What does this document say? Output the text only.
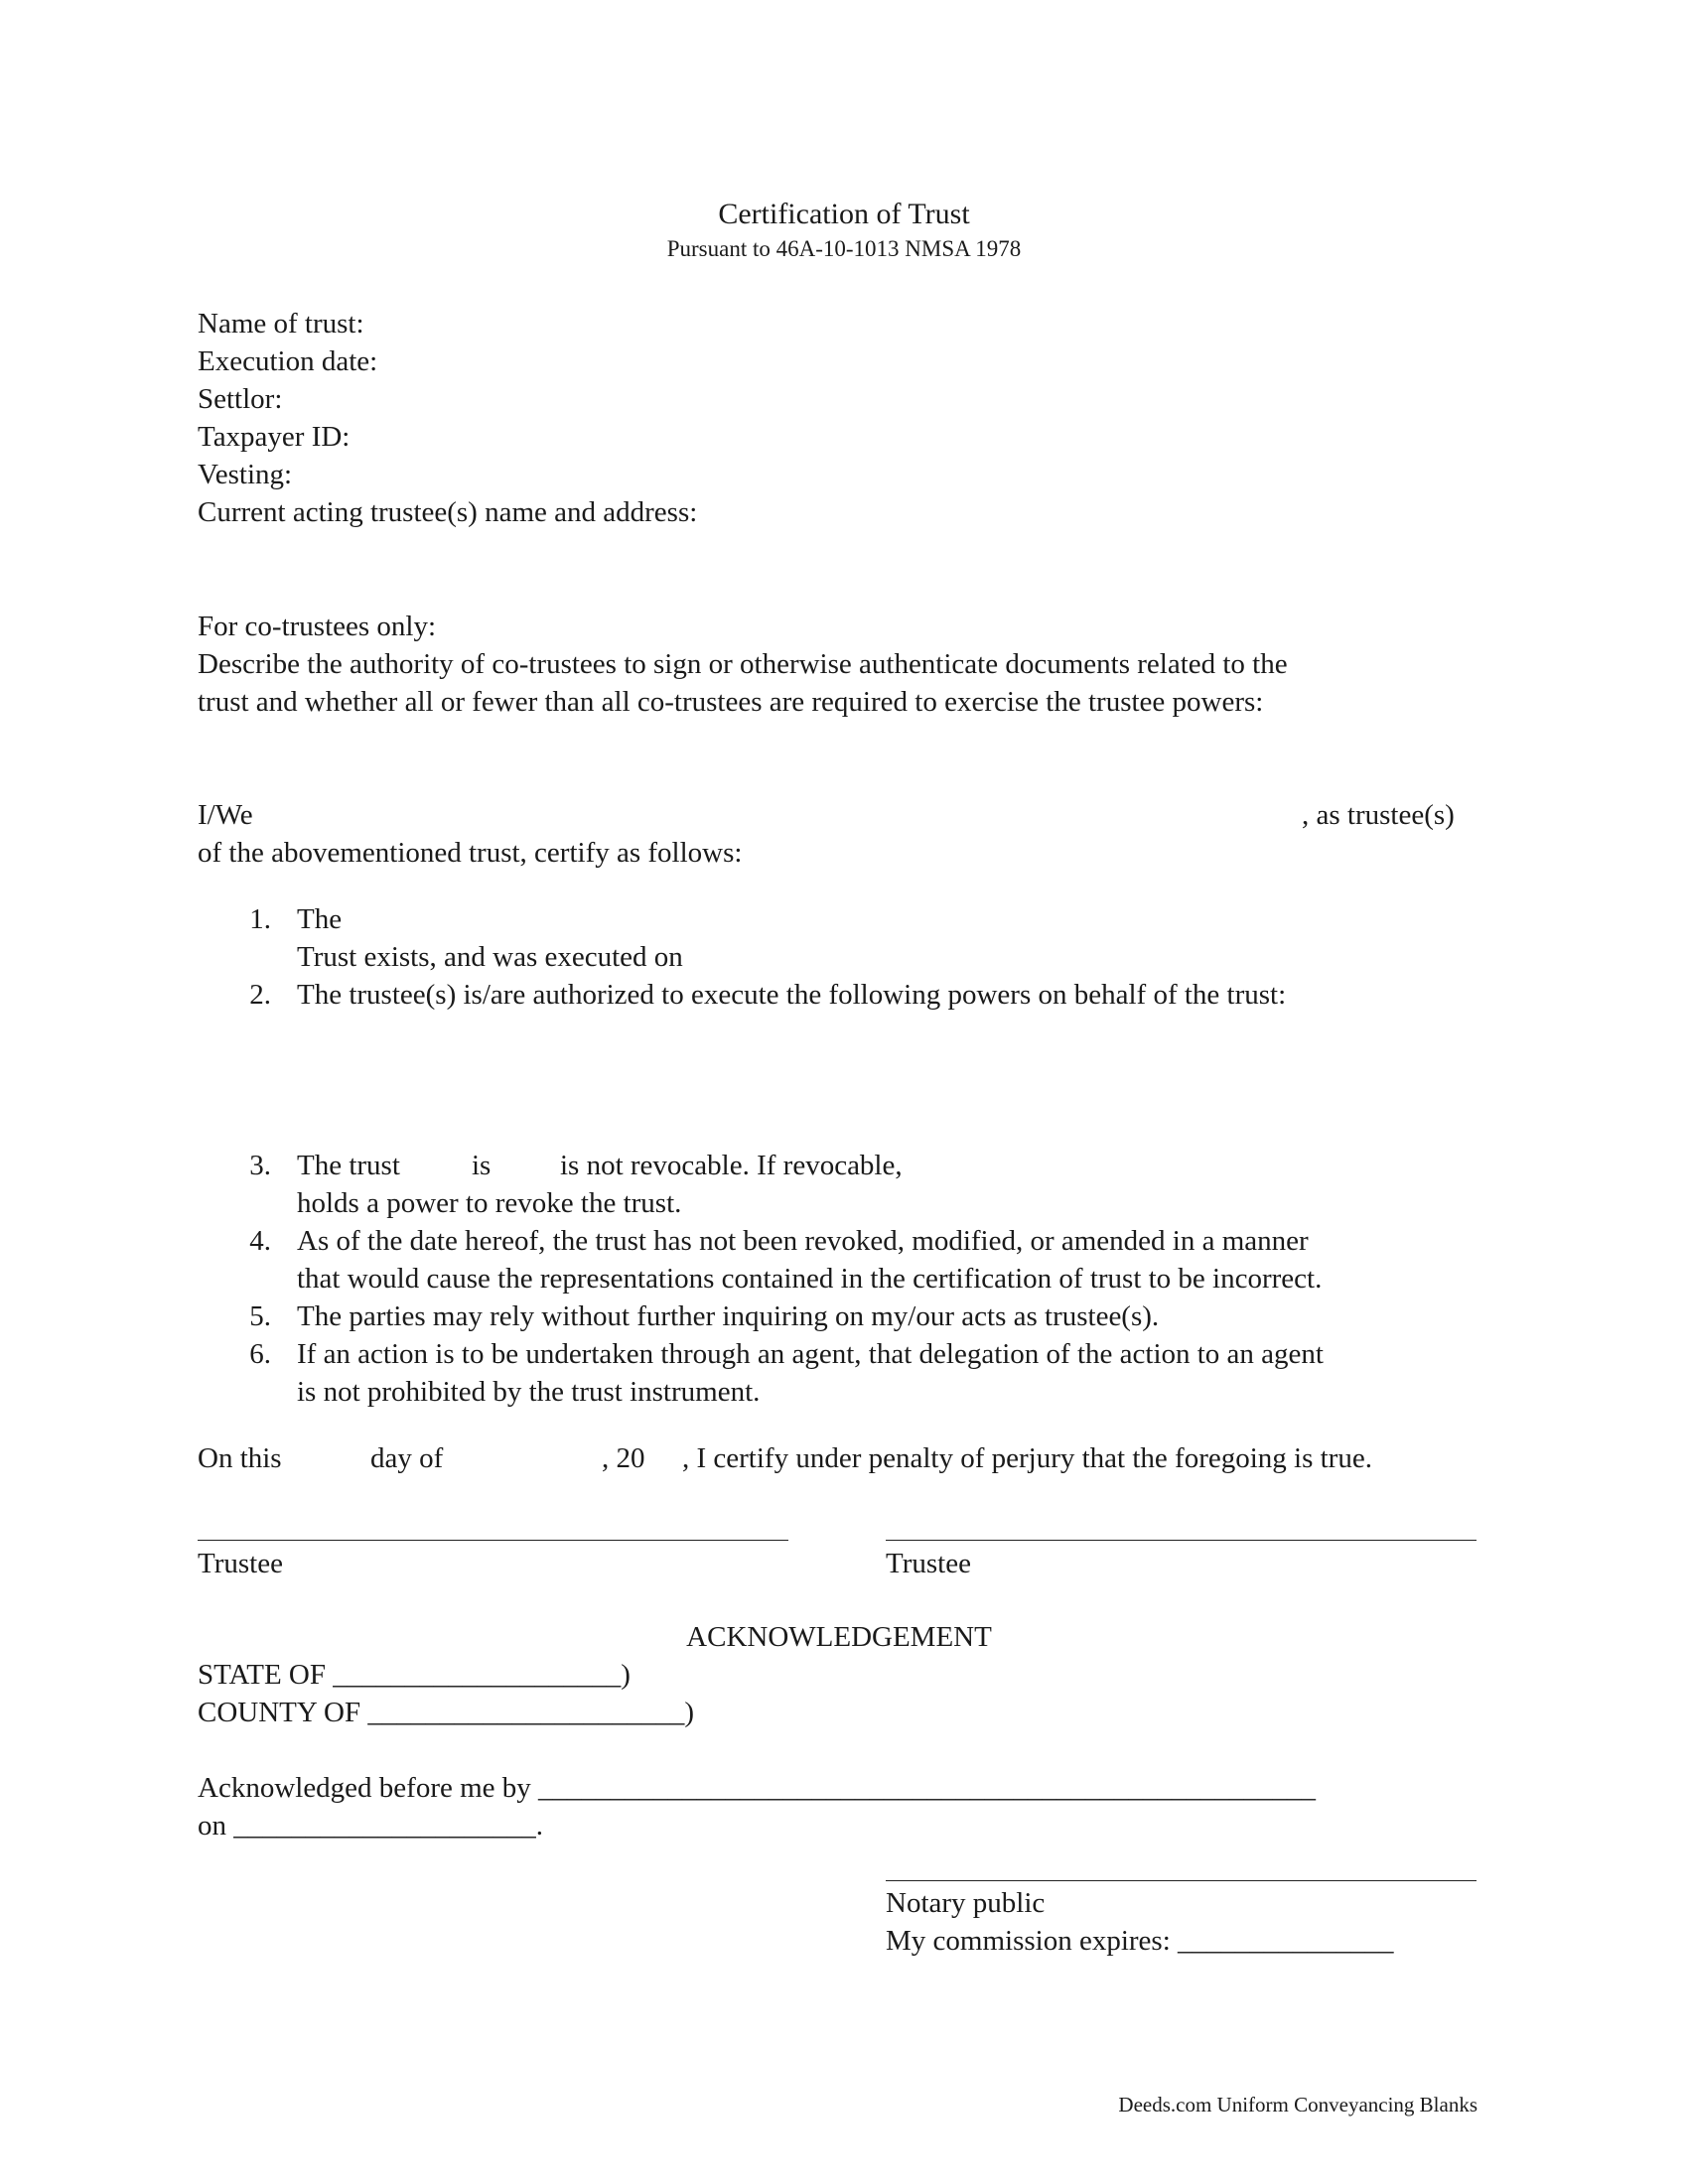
Certification of Trust
Pursuant to 46A-10-1013 NMSA 1978
Name of trust:
Execution date:
Settlor:
Taxpayer ID:
Vesting:
Current acting trustee(s) name and address:
For co-trustees only:
Describe the authority of co-trustees to sign or otherwise authenticate documents related to the
trust and whether all or fewer than all co-trustees are required to exercise the trustee powers:
I/We	, as trustee(s)
of the abovementioned trust, certify as follows:
1. The
Trust exists, and was executed on
2. The trustee(s) is/are authorized to execute the following powers on behalf of the trust:
3. The trust is is not revocable. If revocable,
holds a power to revoke the trust.
4. As of the date hereof, the trust has not been revoked, modified, or amended in a manner
that would cause the representations contained in the certification of trust to be incorrect.
5. The parties may rely without further inquiring on my/our acts as trustee(s).
6. If an action is to be undertaken through an agent, that delegation of the action to an agent
is not prohibited by the trust instrument.
On this	day of	, 20 , I certify under penalty of perjury that the foregoing is true.
Trustee	Trustee
ACKNOWLEDGEMENT
STATE OF ____________________)
COUNTY OF ______________________)
Acknowledged before me by ______________________________________________________
on _____________________.
Notary public
My commission expires: _______________
Deeds.com Uniform Conveyancing Blanks
